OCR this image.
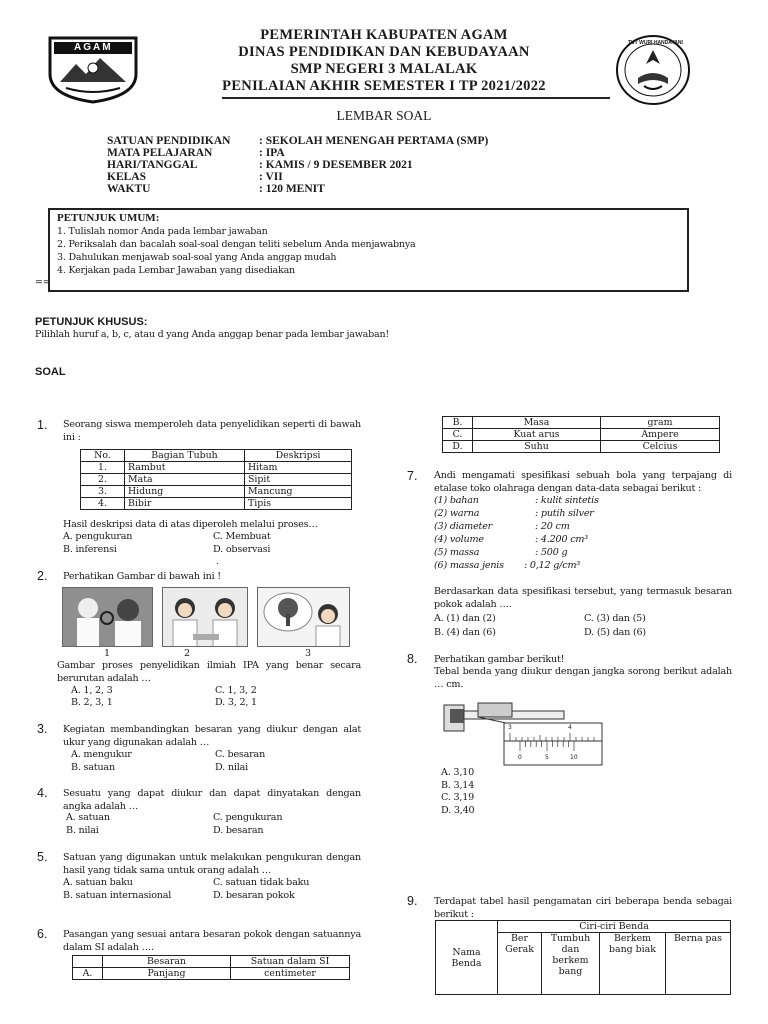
AGAM	TUT WURI HANDAYANI
PEMERINTAH KABUPATEN AGAM
DINAS PENDIDIKAN DAN KEBUDAYAAN
SMP NEGERI 3 MALALAK
PENILAIAN AKHIR SEMESTER I TP 2021/2022
LEMBAR SOAL
SATUAN PENDIDIKAN : SEKOLAH MENENGAH PERTAMA (SMP)
MATA PELAJARAN	: IPA
HARI/TANGGAL	: KAMIS / 9 DESEMBER 2021
KELAS	: VII
WAKTU	: 120 MENIT
PETUNJUK UMUM:
1. Tulislah nomor Anda pada lembar jawaban
2. Periksalah dan bacalah soal-soal dengan teliti sebelum Anda menjawabnya
3. Dahulukan menjawab soal-soal yang Anda anggap mudah
4. Kerjakan pada Lembar Jawaban yang disediakan
==
PETUNJUK KHUSUS:
Pilihlah huruf a, b, c, atau d yang Anda anggap benar pada lembar jawaban!
SOAL
1. Seorang siswa memperoleh data penyelidikan seperti di bawah ini :
No.	Bagian Tubuh	Deskripsi
1.	Rambut	Hitam
2.	Mata	Sipit
3.	Hidung	Mancung
4.	Bibir	Tipis
Hasil deskripsi data di atas diperoleh melalui proses…
A. pengukuran	C. Membuat
B. inferensi	D. observasi
.
2. Perhatikan Gambar di bawah ini !
1	2	3
Gambar proses penyelidikan ilmiah IPA yang benar secara berurutan adalah …
A. 1, 2, 3	C. 1, 3, 2
B. 2, 3, 1	D. 3, 2, 1
3. Kegiatan membandingkan besaran yang diukur dengan alat ukur yang digunakan adalah …
A. mengukur	C. besaran
B. satuan	D. nilai
4. Sesuatu yang dapat diukur dan dapat dinyatakan dengan angka adalah …
A. satuan	C. pengukuran
B. nilai	D. besaran
5. Satuan yang digunakan untuk melakukan pengukuran dengan hasil yang tidak sama untuk orang adalah …
A. satuan baku	C. satuan tidak baku
B. satuan internasional	D. besaran pokok
6. Pasangan yang sesuai antara besaran pokok dengan satuannya dalam SI adalah ….
	Besaran	Satuan dalam SI
A.	Panjang	centimeter
B.	Masa	gram
C.	Kuat arus	Ampere
D.	Suhu	Celcius
7. Andi mengamati spesifikasi sebuah bola yang terpajang di etalase toko olahraga dengan data-data sebagai berikut :
(1) bahan	: kulit sintetis
(2) warna	: putih silver
(3) diameter	: 20 cm
(4) volume	: 4.200 cm³
(5) massa	: 500 g
(6) massa jenis : 0,12 g/cm³
Berdasarkan data spesifikasi tersebut, yang termasuk besaran pokok adalah ….
A. (1) dan (2)	C. (3) dan (5)
B. (4) dan (6)	D. (5) dan (6)
8. Perhatikan gambar berikut!
Tebal benda yang diukur dengan jangka sorong berikut adalah … cm.
3	4
0	5	10
A. 3,10
B. 3,14
C. 3,19
D. 3,40
9. Terdapat tabel hasil pengamatan ciri beberapa benda sebagai berikut :
Nama Benda	Ciri-ciri Benda			
	Ber Gerak	Tumbuh dan berkem bang	Berkem bang biak	Berna pas
